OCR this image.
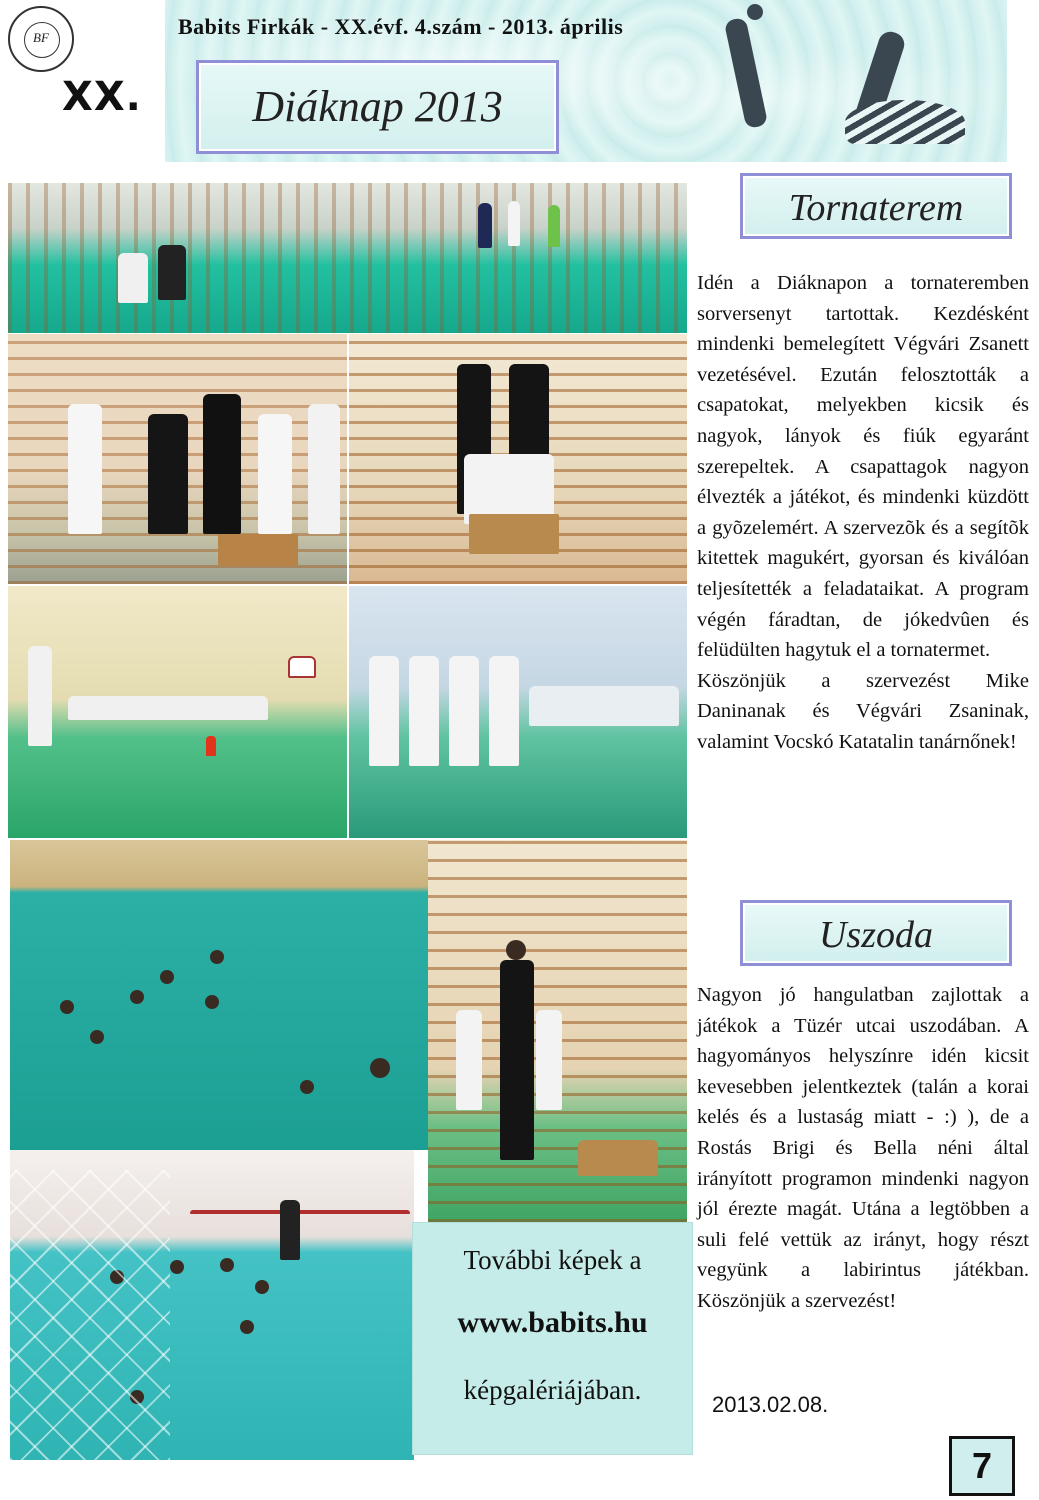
Babits Firkák - XX.évf. 4.szám - 2013. április
BF
XX.	Diáknap 2013
További képek a
www.babits.hu
képgalériájában.
Tornaterem

Idén a Diáknapon a tornateremben sorversenyt tartottak. Kezdésként mindenki bemelegített Végvári Zsanett vezetésével. Ezután felosztották a csapatokat, melyekben kicsik és nagyok, lányok és fiúk egyaránt szerepeltek. A csapattagok nagyon élvezték a játékot, és mindenki küzdött a gyõzelemért. A szervezõk és a segítõk kitettek magukért, gyorsan és kiválóan teljesítették a feladataikat. A program végén fáradtan, de jókedvûen és felüdülten hagytuk el a tornatermet.

Köszönjük a szervezést Mike Daninanak és Végvári Zsaninak, valamint Vocskó Katatalin tanárnőnek!

Uszoda

Nagyon jó hangulatban zajlottak a játékok a Tüzér utcai uszodában. A hagyományos helyszínre idén kicsit kevesebben jelentkeztek (talán a korai kelés és a lustaság miatt - :) ), de a Rostás Brigi és Bella néni által irányított programon mindenki nagyon jól érezte magát. Utána a legtöbben a suli felé vettük az irányt, hogy részt vegyünk a labirintus játékban. Köszönjük a szervezést!

2013.02.08.
7
